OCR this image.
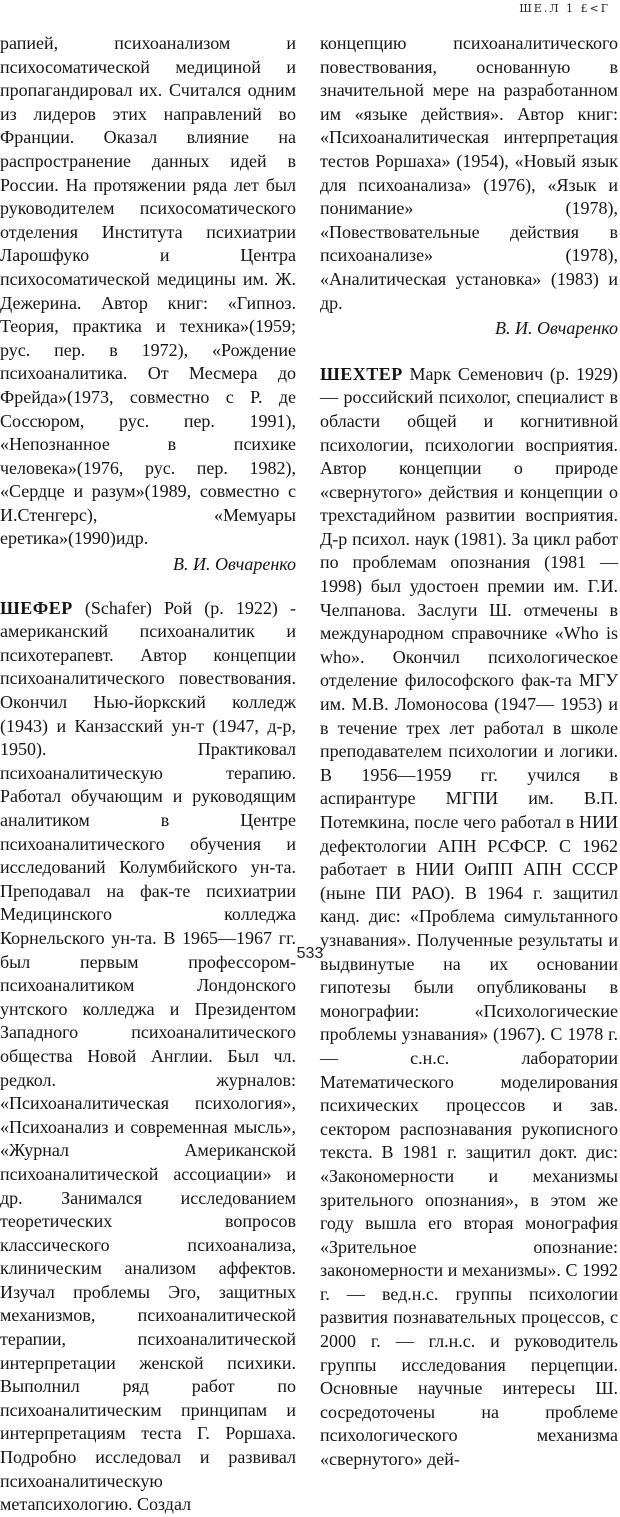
ШЕ.Л 1 £<Г

рапией, психоанализом и психосоматической медициной и пропагандировал их. Считался одним из лидеров этих направлений во Франции. Оказал влияние на распространение данных идей в России. На протяжении ряда лет был руководителем психосоматического отделения Института психиатрии Ларошфуко и Центра психосоматической медицины им. Ж. Дежерина. Автор книг: «Гипноз. Теория, практика и техника»(1959; рус. пер. в 1972), «Рождение психоаналитика. От Месмера до Фрейда»(1973, совместно с Р. де Соссюром, рус. пер. 1991), «Непознанное в психике человека»(1976, рус. пер. 1982), «Сердце и разум»(1989, совместно с И.Стенгерс), «Мемуары еретика»(1990)идр.

В. И. Овчаренко

ШЕФЕР (Schafer) Рой (р. 1922) - американский психоаналитик и психотерапевт. Автор концепции психоаналитического повествования. Окончил Нью-йоркский колледж (1943) и Канзасский ун-т (1947, д-р, 1950). Практиковал психоаналитическую терапию. Работал обучающим и руководящим аналитиком в Центре психоаналитического обучения и исследований Колумбийского ун-та. Преподавал на фак-те психиатрии Медицинского колледжа Корнельского ун-та. В 1965—1967 гг. был первым профессором-психоаналитиком Лондонского унтского колледжа и Президентом Западного психоаналитического общества Новой Англии. Был чл. редкол. журналов: «Психоаналитическая психология», «Психоанализ и современная мысль», «Журнал Американской психоаналитической ассоциации» и др. Занимался исследованием теоретических вопросов классического психоанализа, клиническим анализом аффектов. Изучал проблемы Эго, защитных механизмов, психоаналитической терапии, психоаналитической интерпретации женской психики. Выполнил ряд работ по психоаналитическим принципам и интерпретациям теста Г. Роршаха. Подробно исследовал и развивал психоаналитическую метапсихологию. Создал

концепцию психоаналитического повествования, основанную в значительной мере на разработанном им «языке действия». Автор книг: «Психоаналитическая интерпретация тестов Роршаха» (1954), «Новый язык для психоанализа» (1976), «Язык и понимание» (1978), «Повествовательные действия в психоанализе» (1978), «Аналитическая установка» (1983) и др.

В. И. Овчаренко

ШЕХТЕР Марк Семенович (р. 1929) — российский психолог, специалист в области общей и когнитивной психологии, психологии восприятия. Автор концепции о природе «свернутого» действия и концепции о трехстадийном развитии восприятия. Д-р психол. наук (1981). За цикл работ по проблемам опознания (1981 — 1998) был удостоен премии им. Г.И. Челпанова. Заслуги Ш. отмечены в международном справочнике «Who is who». Окончил психологическое отделение философского фак-та МГУ им. М.В. Ломоносова (1947— 1953) и в течение трех лет работал в школе преподавателем психологии и логики. В 1956—1959 гг. учился в аспирантуре МГПИ им. В.П. Потемкина, после чего работал в НИИ дефектологии АПН РСФСР. С 1962 работает в НИИ ОиПП АПН СССР (ныне ПИ РАО). В 1964 г. защитил канд. дис: «Проблема симультанного узнавания». Полученные результаты и выдвинутые на их основании гипотезы были опубликованы в монографии: «Психологические проблемы узнавания» (1967). С 1978 г. — с.н.с. лаборатории Математического моделирования психических процессов и зав. сектором распознавания рукописного текста. В 1981 г. защитил докт. дис: «Закономерности и механизмы зрительного опознания», в этом же году вышла его вторая монография «Зрительное опознание: закономерности и механизмы». С 1992 г. — вед.н.с. группы психологии развития познавательных процессов, с 2000 г. — гл.н.с. и руководитель группы исследования перцепции. Основные научные интересы Ш. сосредоточены на проблеме психологического механизма «свернутого» дей-

533
